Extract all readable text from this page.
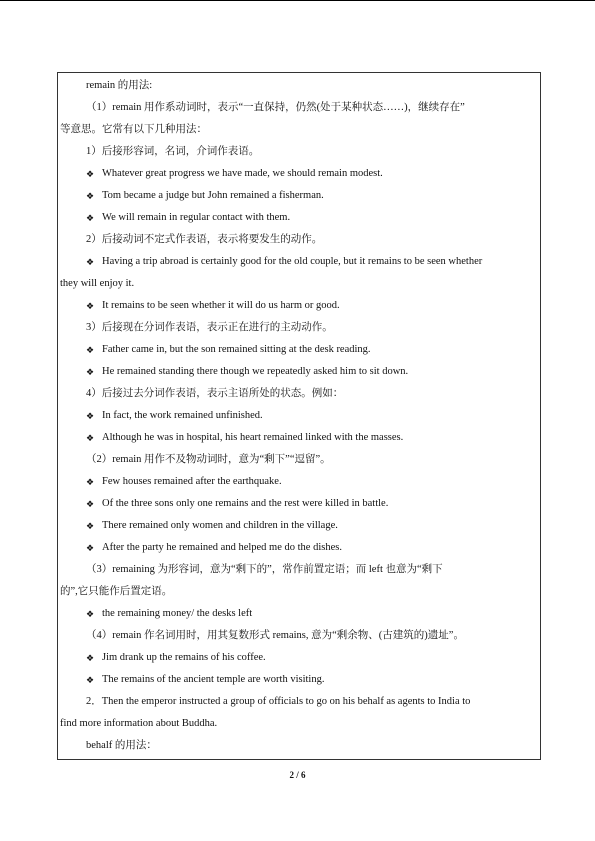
remain 的用法:
（1）remain 用作系动词时，表示“一直保持，仍然(处于某种状态……)，继续存在”
等意思。它常有以下几种用法：
1）后接形容词，名词，介词作表语。
❖ Whatever great progress we have made, we should remain modest.
❖ Tom became a judge but John remained a fisherman.
❖ We will remain in regular contact with them.
2）后接动词不定式作表语，表示将要发生的动作。
❖ Having a trip abroad is certainly good for the old couple, but it remains to be seen whether
they will enjoy it.
❖ It remains to be seen whether it will do us harm or good.
3）后接现在分词作表语，表示正在进行的主动动作。
❖ Father came in, but the son remained sitting at the desk reading.
❖ He remained standing there though we repeatedly asked him to sit down.
4）后接过去分词作表语，表示主语所处的状态。例如：
❖ In fact, the work remained unfinished.
❖ Although he was in hospital, his heart remained linked with the masses.
（2）remain 用作不及物动词时，意为“剩下”“逗留”。
❖ Few houses remained after the earthquake.
❖ Of the three sons only one remains and the rest were killed in battle.
❖ There remained only women and children in the village.
❖ After the party he remained and helped me do the dishes.
（3）remaining 为形容词，意为“剩下的”，常作前置定语；而 left 也意为“剩下
的”,它只能作后置定语。
❖ the remaining money/ the desks left
（4）remain 作名词用时，用其复数形式 remains, 意为“剩余物、(古建筑的)遗址”。
❖ Jim drank up the remains of his coffee.
❖ The remains of the ancient temple are worth visiting.
2．Then the emperor instructed a group of officials to go on his behalf as agents to India to
find more information about Buddha.
behalf 的用法：
2 / 6
